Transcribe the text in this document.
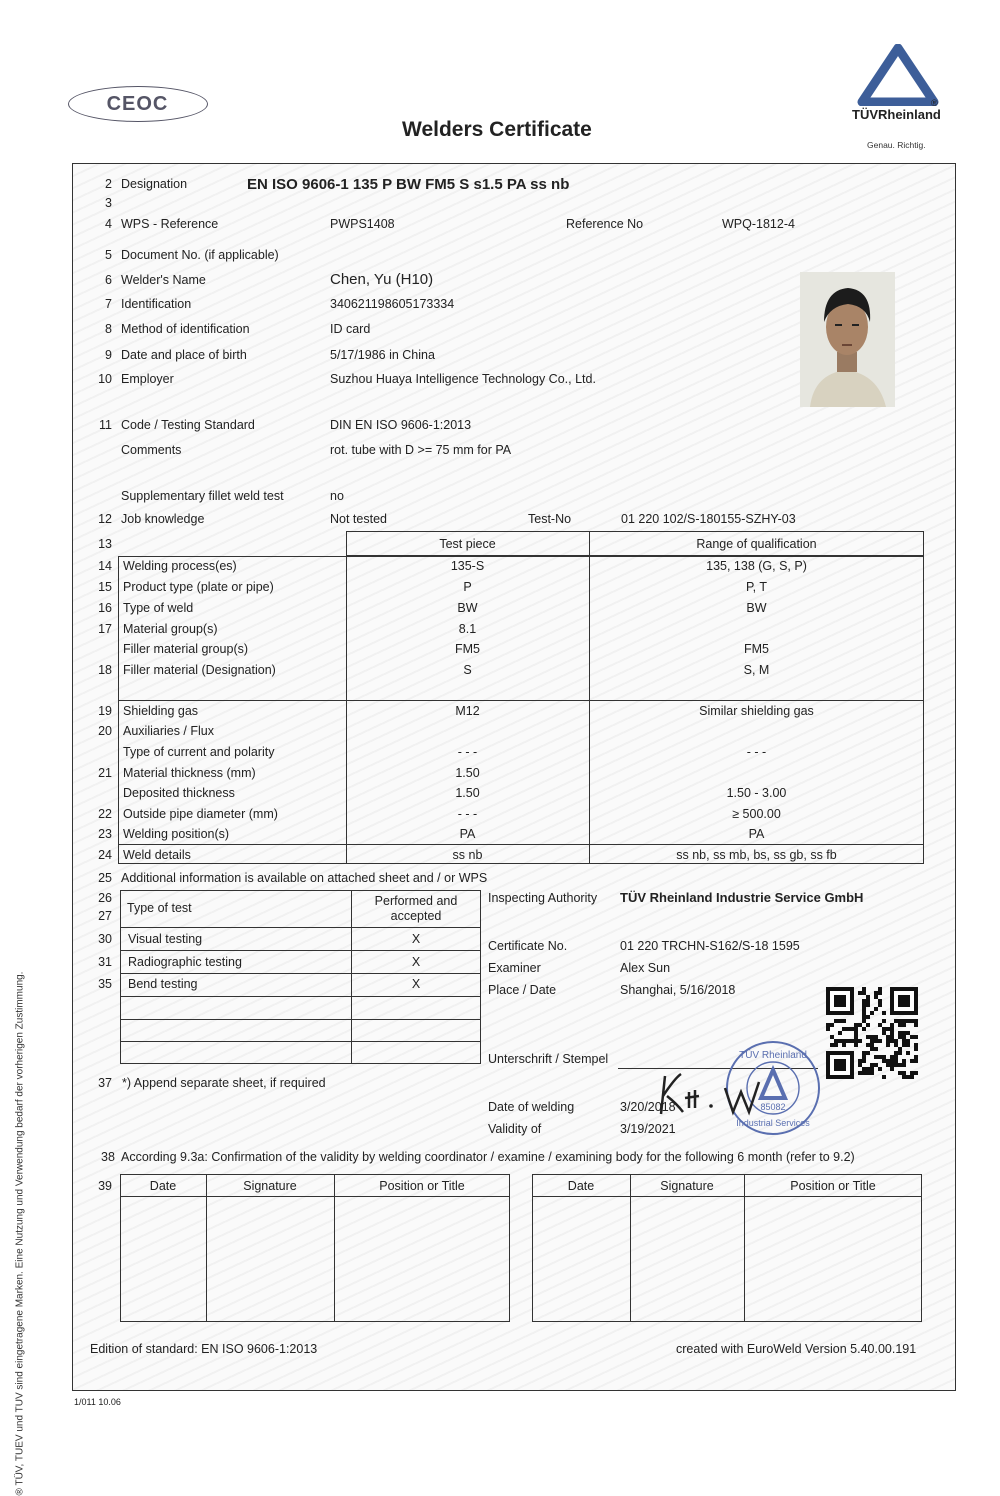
® TÜV, TUEV und TUV sind eingetragene Marken. Eine Nutzung und Verwendung bedarf der vorherigen Zustimmung.
CEOC
Welders Certificate
®
TÜVRheinland
Genau. Richtig.
2 Designation	EN ISO 9606-1 135 P BW FM5 S s1.5 PA ss nb
3
4 WPS - Reference	PWPS1408	Reference No	WPQ-1812-4
5 Document No. (if applicable)
6 Welder's Name	Chen, Yu (H10)
7 Identification	340621198605173334
8 Method of identification	ID card
9 Date and place of birth	5/17/1986 in China
10 Employer	Suzhou Huaya Intelligence Technology Co., Ltd.
11 Code / Testing Standard	DIN EN ISO 9606-1:2013
Comments	rot. tube with D >= 75 mm for PA
Supplementary fillet weld test	no
12 Job knowledge	Not tested	Test-No	01 220 102/S-180155-SZHY-03
13	Test piece	Range of qualification
14 Welding process(es)	135-S	135, 138 (G, S, P)
15 Product type (plate or pipe)	P	P, T
16 Type of weld	BW	BW
17 Material group(s)	8.1
Filler material group(s)	FM5	FM5
18 Filler material (Designation)	S	S, M
19 Shielding gas	M12	Similar shielding gas
20 Auxiliaries / Flux
Type of current and polarity	- - -	- - -
21 Material thickness (mm)	1.50
Deposited thickness	1.50	1.50 - 3.00
22 Outside pipe diameter (mm)	- - -	≥ 500.00
23 Welding position(s)	PA	PA
24 Weld details	ss nb	ss nb, ss mb, bs, ss gb, ss fb
25 Additional information is available on attached sheet and / or WPS
26
27
Type of test	Performed and accepted
30 Visual testing	X
31 Radiographic testing	X
35 Bend testing	X
Inspecting Authority TÜV Rheinland Industrie Service GmbH
Certificate No.	01 220 TRCHN-S162/S-18 1595
Examiner	Alex Sun
Place / Date	Shanghai, 5/16/2018
Unterschrift / Stempel	TÜV Rheinland
85082
Industrial Services
Date of welding	3/20/2018
Validity of	3/19/2021
37 *) Append separate sheet, if required
38 According 9.3a: Confirmation of the validity by welding coordinator / examine / examining body for the following 6 month (refer to 9.2)
39	Date	Signature	Position or Title	Date	Signature	Position or Title
Edition of standard: EN ISO 9606-1:2013	created with EuroWeld Version 5.40.00.191
1/011 10.06
